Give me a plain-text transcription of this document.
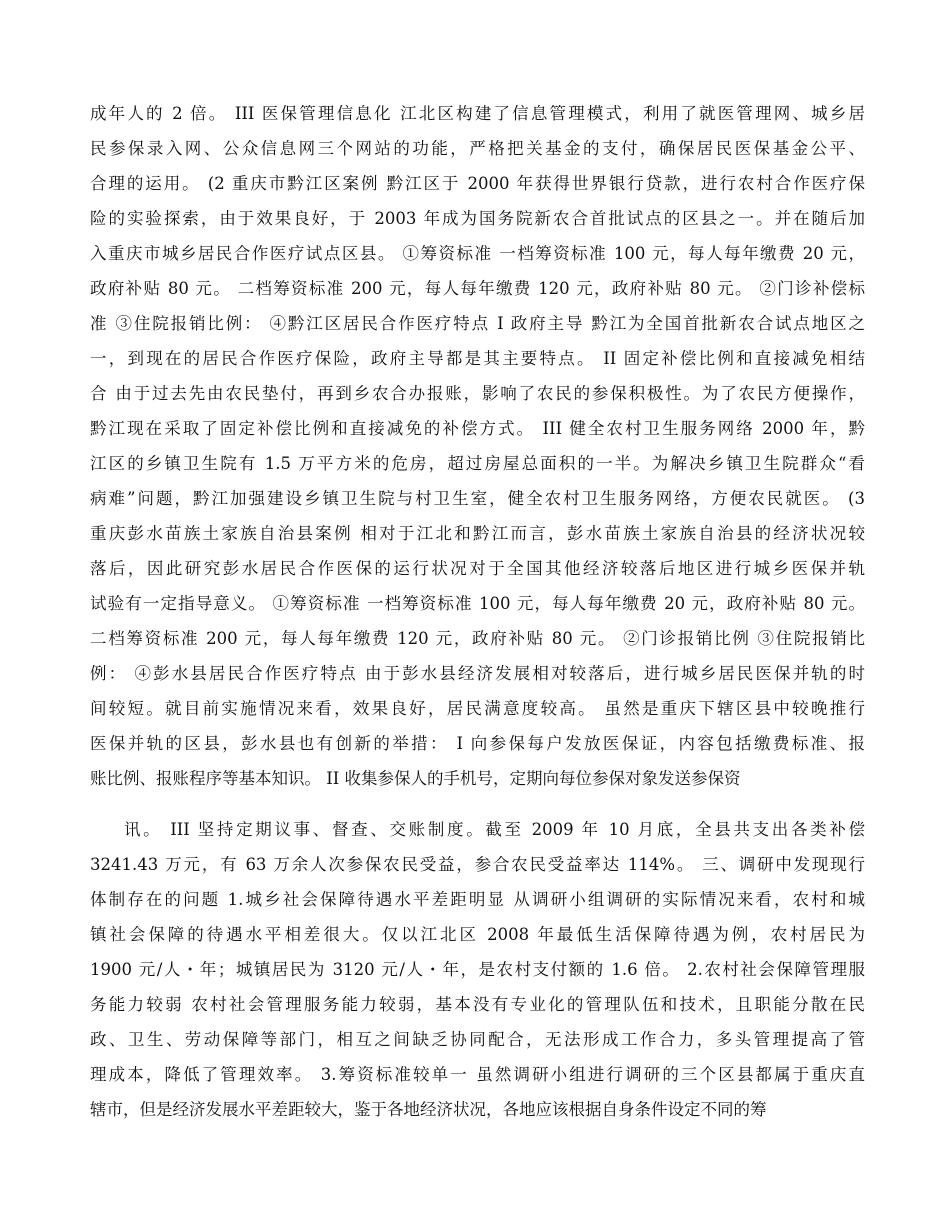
成年人的 2 倍。 III 医保管理信息化 江北区构建了信息管理模式，利用了就医管理网、城乡居
民参保录入网、公众信息网三个网站的功能，严格把关基金的支付，确保居民医保基金公平、
合理的运用。 (2 重庆市黔江区案例 黔江区于 2000 年获得世界银行贷款，进行农村合作医疗保
险的实验探索，由于效果良好，于 2003 年成为国务院新农合首批试点的区县之一。并在随后加
入重庆市城乡居民合作医疗试点区县。 ①筹资标准 一档筹资标准 100 元，每人每年缴费 20 元，
政府补贴 80 元。 二档筹资标准 200 元，每人每年缴费 120 元，政府补贴 80 元。 ②门诊补偿标
准 ③住院报销比例： ④黔江区居民合作医疗特点 I 政府主导 黔江为全国首批新农合试点地区之
一，到现在的居民合作医疗保险，政府主导都是其主要特点。 II 固定补偿比例和直接减免相结
合 由于过去先由农民垫付，再到乡农合办报账，影响了农民的参保积极性。为了农民方便操作，
黔江现在采取了固定补偿比例和直接减免的补偿方式。 III 健全农村卫生服务网络 2000 年，黔
江区的乡镇卫生院有 1.5 万平方米的危房，超过房屋总面积的一半。为解决乡镇卫生院群众“看
病难”问题，黔江加强建设乡镇卫生院与村卫生室，健全农村卫生服务网络，方便农民就医。 (3
重庆彭水苗族土家族自治县案例 相对于江北和黔江而言，彭水苗族土家族自治县的经济状况较
落后，因此研究彭水居民合作医保的运行状况对于全国其他经济较落后地区进行城乡医保并轨
试验有一定指导意义。 ①筹资标准 一档筹资标准 100 元，每人每年缴费 20 元，政府补贴 80 元。
二档筹资标准 200 元，每人每年缴费 120 元，政府补贴 80 元。 ②门诊报销比例 ③住院报销比
例： ④彭水县居民合作医疗特点 由于彭水县经济发展相对较落后，进行城乡居民医保并轨的时
间较短。就目前实施情况来看，效果良好，居民满意度较高。 虽然是重庆下辖区县中较晚推行
医保并轨的区县，彭水县也有创新的举措： I 向参保每户发放医保证，内容包括缴费标准、报
账比例、报账程序等基本知识。 II 收集参保人的手机号，定期向每位参保对象发送参保资
讯。 III 坚持定期议事、督查、交账制度。截至 2009 年 10 月底，全县共支出各类补偿
3241.43 万元，有 63 万余人次参保农民受益，参合农民受益率达 114%。 三、调研中发现现行
体制存在的问题 1.城乡社会保障待遇水平差距明显 从调研小组调研的实际情况来看，农村和城
镇社会保障的待遇水平相差很大。仅以江北区 2008 年最低生活保障待遇为例，农村居民为
1900 元/人・年；城镇居民为 3120 元/人・年，是农村支付额的 1.6 倍。 2.农村社会保障管理服
务能力较弱 农村社会管理服务能力较弱，基本没有专业化的管理队伍和技术，且职能分散在民
政、卫生、劳动保障等部门，相互之间缺乏协同配合，无法形成工作合力，多头管理提高了管
理成本，降低了管理效率。 3.筹资标准较单一 虽然调研小组进行调研的三个区县都属于重庆直
辖市，但是经济发展水平差距较大，鉴于各地经济状况，各地应该根据自身条件设定不同的筹
